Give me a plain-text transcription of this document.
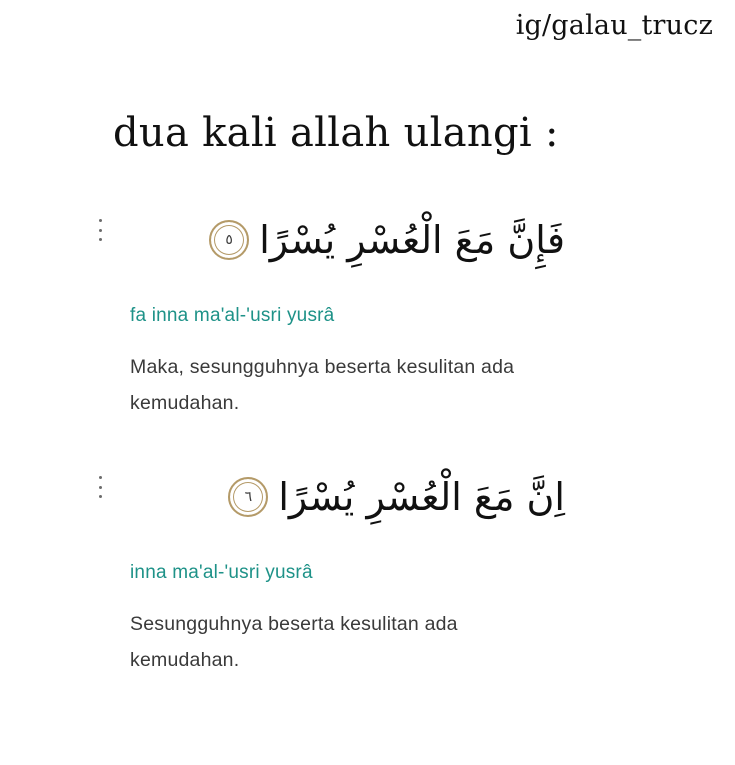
ig/galau_trucz
dua kali allah ulangi :
فَإِنَّ مَعَ الْعُسْرِ يُسْرًا
٥
fa inna ma'al-'usri yusrâ
Maka, sesungguhnya beserta kesulitan ada kemudahan.
اِنَّ مَعَ الْعُسْرِ يُسْرًا
٦
inna ma'al-'usri yusrâ
Sesungguhnya beserta kesulitan ada kemudahan.
